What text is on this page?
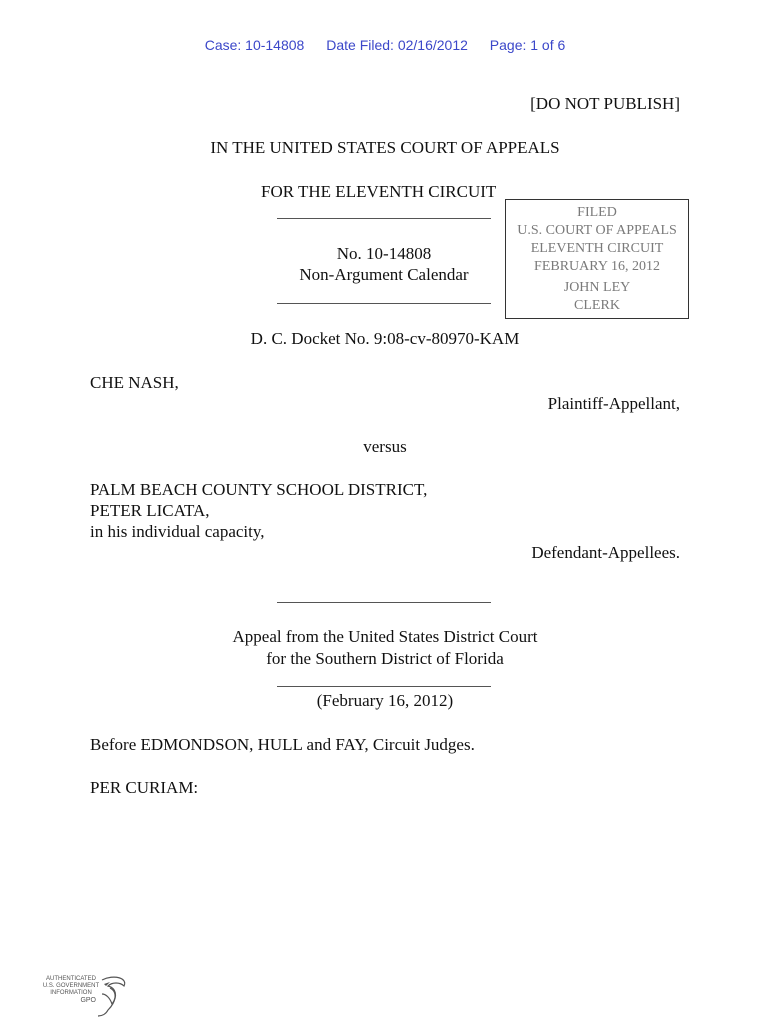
Case: 10-14808 Date Filed: 02/16/2012 Page: 1 of 6
[DO NOT PUBLISH]
IN THE UNITED STATES COURT OF APPEALS
FOR THE ELEVENTH CIRCUIT
No. 10-14808
Non-Argument Calendar
FILED
U.S. COURT OF APPEALS
ELEVENTH CIRCUIT
FEBRUARY 16, 2012
JOHN LEY
CLERK
D. C. Docket No. 9:08-cv-80970-KAM
CHE NASH,
Plaintiff-Appellant,
versus
PALM BEACH COUNTY SCHOOL DISTRICT,
PETER LICATA,
in his individual capacity,
Defendant-Appellees.
Appeal from the United States District Court
for the Southern District of Florida
(February 16, 2012)
Before EDMONDSON, HULL and FAY, Circuit Judges.
PER CURIAM:
AUTHENTICATED
U.S. GOVERNMENT
INFORMATION
GPO
